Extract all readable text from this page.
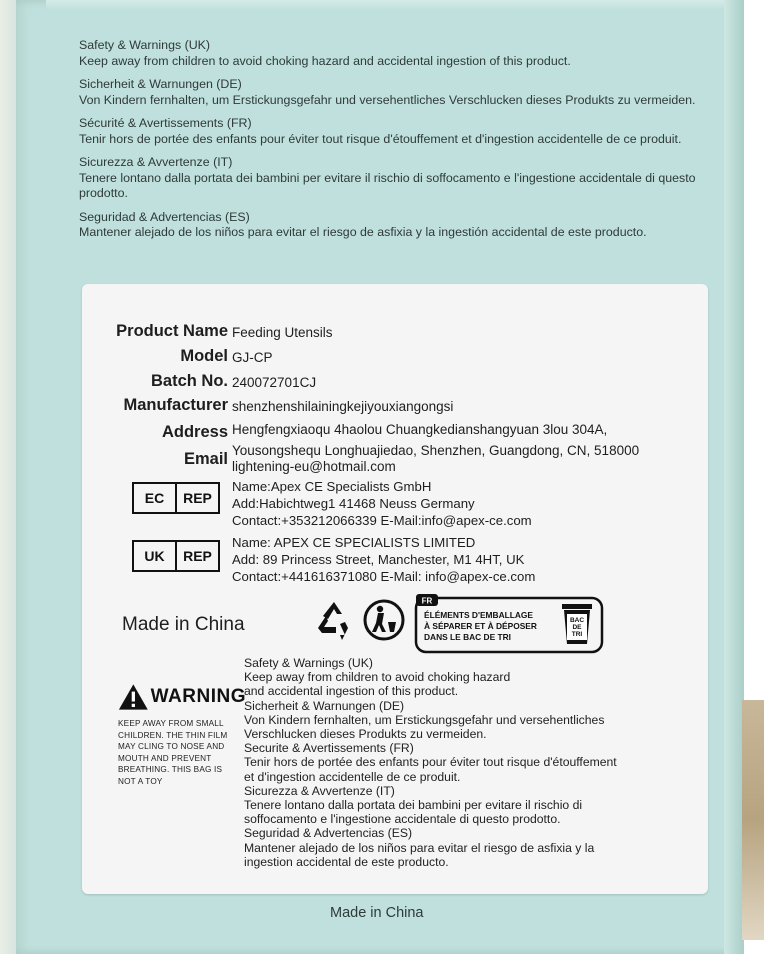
Safety & Warnings (UK)
Keep away from children to avoid choking hazard and accidental ingestion of this product.
Sicherheit & Warnungen (DE)
Von Kindern fernhalten, um Erstickungsgefahr und versehentliches Verschlucken dieses Produkts zu vermeiden.
Sécurité & Avertissements (FR)
Tenir hors de portée des enfants pour éviter tout risque d'étouffement et d'ingestion accidentelle de ce produit.
Sicurezza & Avvertenze (IT)
Tenere lontano dalla portata dei bambini per evitare il rischio di soffocamento e l'ingestione accidentale di questo prodotto.
Seguridad & Advertencias (ES)
Mantener alejado de los niños para evitar el riesgo de asfixia y la ingestión accidental de este producto.
Product Name Feeding Utensils
Model GJ-CP
Batch No. 240072701CJ
Manufacturer shenzhenshilainingkejiyouxiangongsi
Address Hengfengxiaoqu 4haolou Chuangkedianshangyuan 3lou 304A,
Yousongshequ Longhuajiedao, Shenzhen, Guangdong, CN, 518000
Email lightening-eu@hotmail.com
EC	REP
Name:Apex CE Specialists GmbH
Add:Habichtweg1 41468 Neuss Germany
Contact:+353212066339 E-Mail:info@apex-ce.com
UK	REP
Name: APEX CE SPECIALISTS LIMITED
Add: 89 Princess Street, Manchester, M1 4HT, UK
Contact:+441616371080 E-Mail: info@apex-ce.com
Made in China
FR
ÉLÉMENTS D'EMBALLAGE
À SÉPARER ET À DÉPOSER
DANS LE BAC DE TRI
BAC
DE
TRI
WARNING
KEEP AWAY FROM SMALL
CHILDREN. THE THIN FILM
MAY CLING TO NOSE AND
MOUTH AND PREVENT
BREATHING. THIS BAG IS
NOT A TOY
Safety & Warnings (UK)
Keep away from children to avoid choking hazard
and accidental ingestion of this product.
Sicherheit & Warnungen (DE)
Von Kindern fernhalten, um Erstickungsgefahr und versehentliches
Verschlucken dieses Produkts zu vermeiden.
Securite & Avertissements (FR)
Tenir hors de portée des enfants pour éviter tout risque d'étouffement
et d'ingestion accidentelle de ce produit.
Sicurezza & Avvertenze (IT)
Tenere lontano dalla portata dei bambini per evitare il rischio di
soffocamento e l'ingestione accidentale di questo prodotto.
Seguridad & Advertencias (ES)
Mantener alejado de los niños para evitar el riesgo de asfixia y la
ingestion accidental de este producto.
Made in China
